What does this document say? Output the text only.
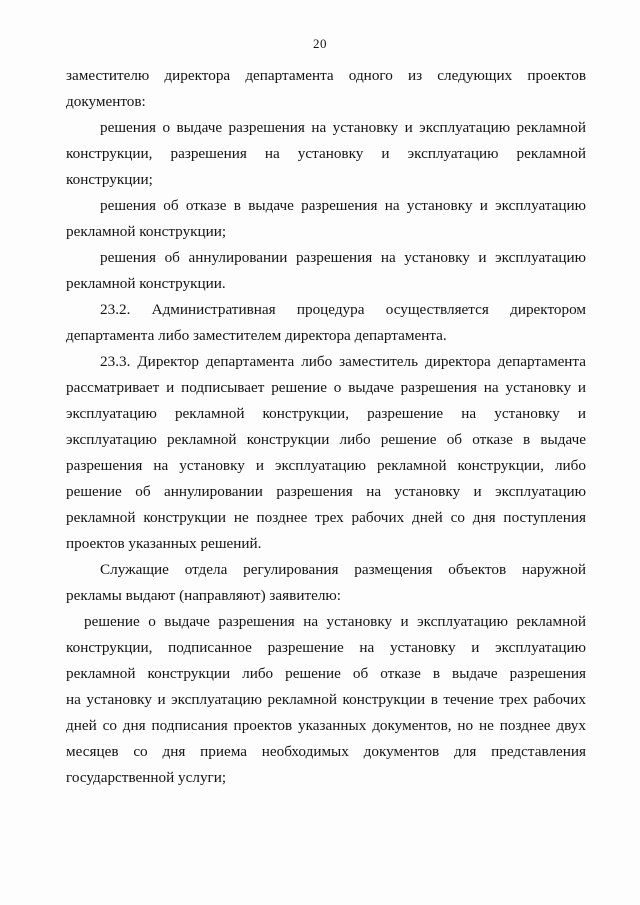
20
заместителю директора департамента одного из следующих проектов
документов:
решения о выдаче разрешения на установку и эксплуатацию рекламной
конструкции, разрешения на установку и эксплуатацию рекламной
конструкции;
решения об отказе в выдаче разрешения на установку и эксплуатацию
рекламной конструкции;
решения об аннулировании разрешения на установку и эксплуатацию
рекламной конструкции.
23.2. Административная процедура осуществляется директором
департамента либо заместителем директора департамента.
23.3. Директор департамента либо заместитель директора департамента
рассматривает и подписывает решение о выдаче разрешения на установку и
эксплуатацию рекламной конструкции, разрешение на установку и
эксплуатацию рекламной конструкции либо решение об отказе в выдаче
разрешения на установку и эксплуатацию рекламной конструкции, либо
решение об аннулировании разрешения на установку и эксплуатацию
рекламной конструкции не позднее трех рабочих дней со дня поступления
проектов указанных решений.
Служащие отдела регулирования размещения объектов наружной
рекламы выдают (направляют) заявителю:
решение о выдаче разрешения на установку и эксплуатацию рекламной
конструкции, подписанное разрешение на установку и эксплуатацию
рекламной конструкции либо решение об отказе в выдаче разрешения
на установку и эксплуатацию рекламной конструкции в течение трех рабочих
дней со дня подписания проектов указанных документов, но не позднее двух
месяцев со дня приема необходимых документов для представления
государственной услуги;
